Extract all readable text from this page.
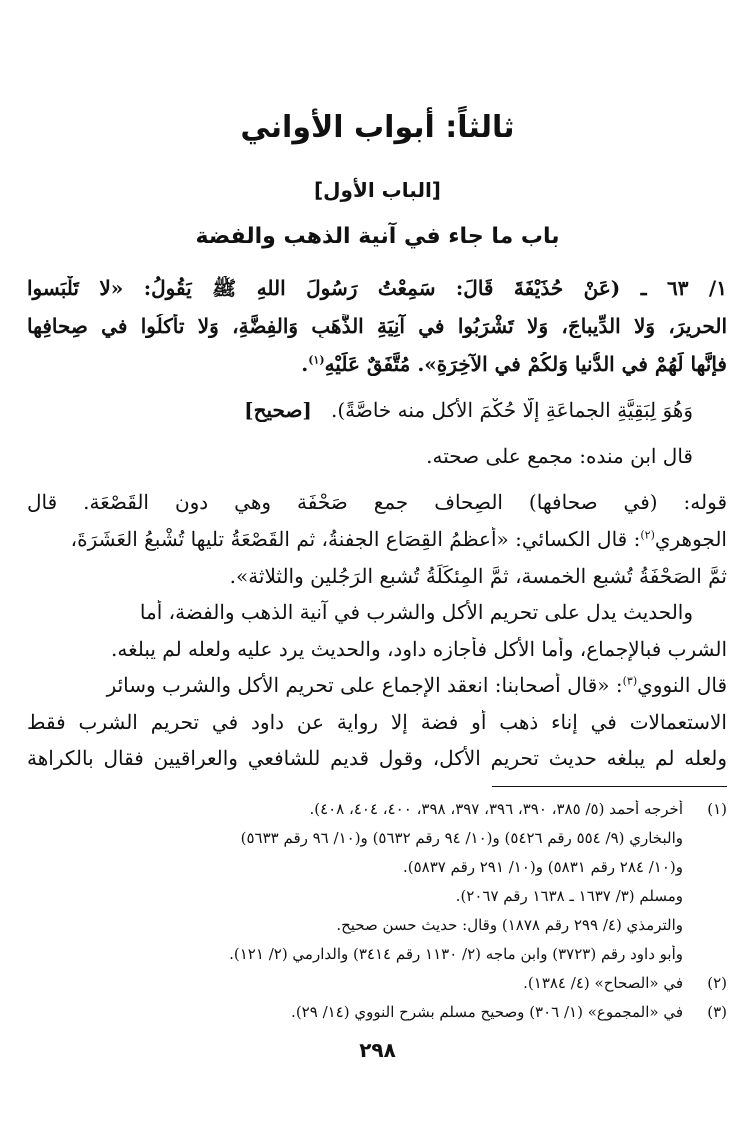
ثالثاً: أبواب الأواني
[الباب الأول]
باب ما جاء في آنية الذهب والفضة
١/ ٦٣ ـ (عَنْ حُذَيْفَةَ قَالَ: سَمِعْتُ رَسُولَ اللهِ ﷺ يَقُولُ: «لا تَلْبَسوا
الحريرَ، وَلا الدِّيباجَ، وَلا تَشْرَبُوا في آنِيَةِ الذَّهَبِ وَالفِضَّةِ، وَلا تأكلُوا في صِحافِها
فإنَّها لَهُمْ في الدُّنيا وَلكُمْ في الآخِرَةِ». مُتَّفَقٌ عَلَيْهِ$^{(١)}$.
وَهُوَ لِبَقِيَّةِ الجماعَةِ إلَّا حُكْمَ الأكلِ منه خاصَّةً).   [صحيح]
قال ابن منده: مجمع على صحته.
قوله: (في صحافها) الصِحاف جمع صَحْفَة وهي دون القَصْعَة. قال
الجوهري$^{(٢)}$: قال الكسائي: «أعظمُ القِصَاعِ الجفنةُ، ثم القَصْعَةُ تليها تُشْبعُ العَشَرَةَ،
ثمَّ الصَحْفَةُ تُشبع الخمسة، ثمَّ المِئكَلَةُ تُشبع الرَجُلين والثلاثة».
والحديث يدل على تحريم الأكل والشرب في آنية الذهب والفضة، أما
الشرب فبالإجماع، وأما الأكل فأجازه داود، والحديث يرد عليه ولعله لم يبلغه.
قال النووي$^{(٣)}$: «قال أصحابنا: انعقد الإجماع على تحريم الأكل والشرب وسائر
الاستعمالات في إناء ذهب أو فضة إلا رواية عن داود في تحريم الشرب فقط
ولعله لم يبلغه حديث تحريم الأكل، وقول قديم للشافعي والعراقيين فقال بالكراهة
(١)أخرجه أحمد (٥/ ٣٨٥، ٣٩٠، ٣٩٦، ٣٩٧، ٣٩٨، ٤٠٠، ٤٠٤، ٤٠٨).
والبخاري (٩/ ٥٥٤ رقم ٥٤٢٦) و(١٠/ ٩٤ رقم ٥٦٣٢) و(١٠/ ٩٦ رقم ٥٦٣٣)
و(١٠/ ٢٨٤ رقم ٥٨٣١) و(١٠/ ٢٩١ رقم ٥٨٣٧).
ومسلم (٣/ ١٦٣٧ ـ ١٦٣٨ رقم ٢٠٦٧).
والترمذي (٤/ ٢٩٩ رقم ١٨٧٨) وقال: حديث حسن صحيح.
وأبو داود رقم (٣٧٢٣) وابن ماجه (٢/ ١١٣٠ رقم ٣٤١٤) والدارمي (٢/ ١٢١).
(٢)في «الصحاح» (٤/ ١٣٨٤).
(٣)في «المجموع» (١/ ٣٠٦) وصحيح مسلم بشرح النووي (١٤/ ٢٩).
٢٩٨
